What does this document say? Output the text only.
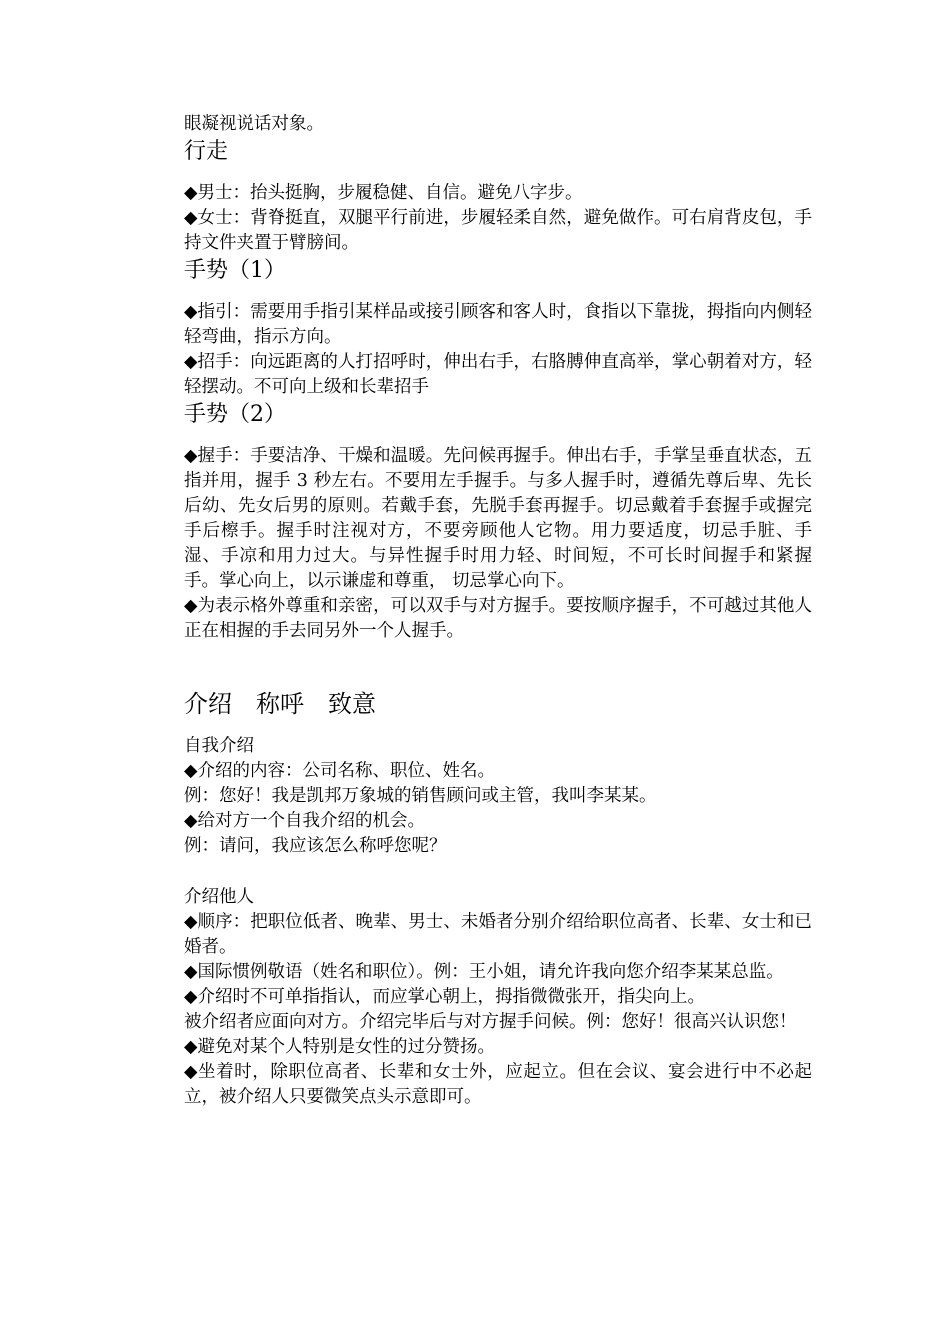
眼凝视说话对象。

行走

◆男士：抬头挺胸，步履稳健、自信。避免八字步。

◆女士：背脊挺直，双腿平行前进，步履轻柔自然，避免做作。可右肩背皮包，手持文件夹置于臂膀间。

手势（1）

◆指引：需要用手指引某样品或接引顾客和客人时，食指以下靠拢，拇指向内侧轻轻弯曲，指示方向。

◆招手：向远距离的人打招呼时，伸出右手，右胳膊伸直高举，掌心朝着对方，轻轻摆动。不可向上级和长辈招手

手势（2）

◆握手：手要洁净、干燥和温暖。先问候再握手。伸出右手，手掌呈垂直状态，五指并用，握手 3 秒左右。不要用左手握手。与多人握手时，遵循先尊后卑、先长后幼、先女后男的原则。若戴手套，先脱手套再握手。切忌戴着手套握手或握完手后檫手。握手时注视对方，不要旁顾他人它物。用力要适度，切忌手脏、手湿、手凉和用力过大。与异性握手时用力轻、时间短，不可长时间握手和紧握手。掌心向上，以示谦虚和尊重， 切忌掌心向下。

◆为表示格外尊重和亲密，可以双手与对方握手。要按顺序握手，不可越过其他人正在相握的手去同另外一个人握手。

介绍　称呼　致意

自我介绍

◆介绍的内容：公司名称、职位、姓名。

例：您好！我是凯邦万象城的销售顾问或主管，我叫李某某。

◆给对方一个自我介绍的机会。

例：请问，我应该怎么称呼您呢？

介绍他人

◆顺序：把职位低者、晚辈、男士、未婚者分别介绍给职位高者、长辈、女士和已婚者。

◆国际惯例敬语（姓名和职位）。例：王小姐，请允许我向您介绍李某某总监。

◆介绍时不可单指指认，而应掌心朝上，拇指微微张开，指尖向上。

被介绍者应面向对方。介绍完毕后与对方握手问候。例：您好！很高兴认识您！

◆避免对某个人特别是女性的过分赞扬。

◆坐着时，除职位高者、长辈和女士外，应起立。但在会议、宴会进行中不必起立，被介绍人只要微笑点头示意即可。
